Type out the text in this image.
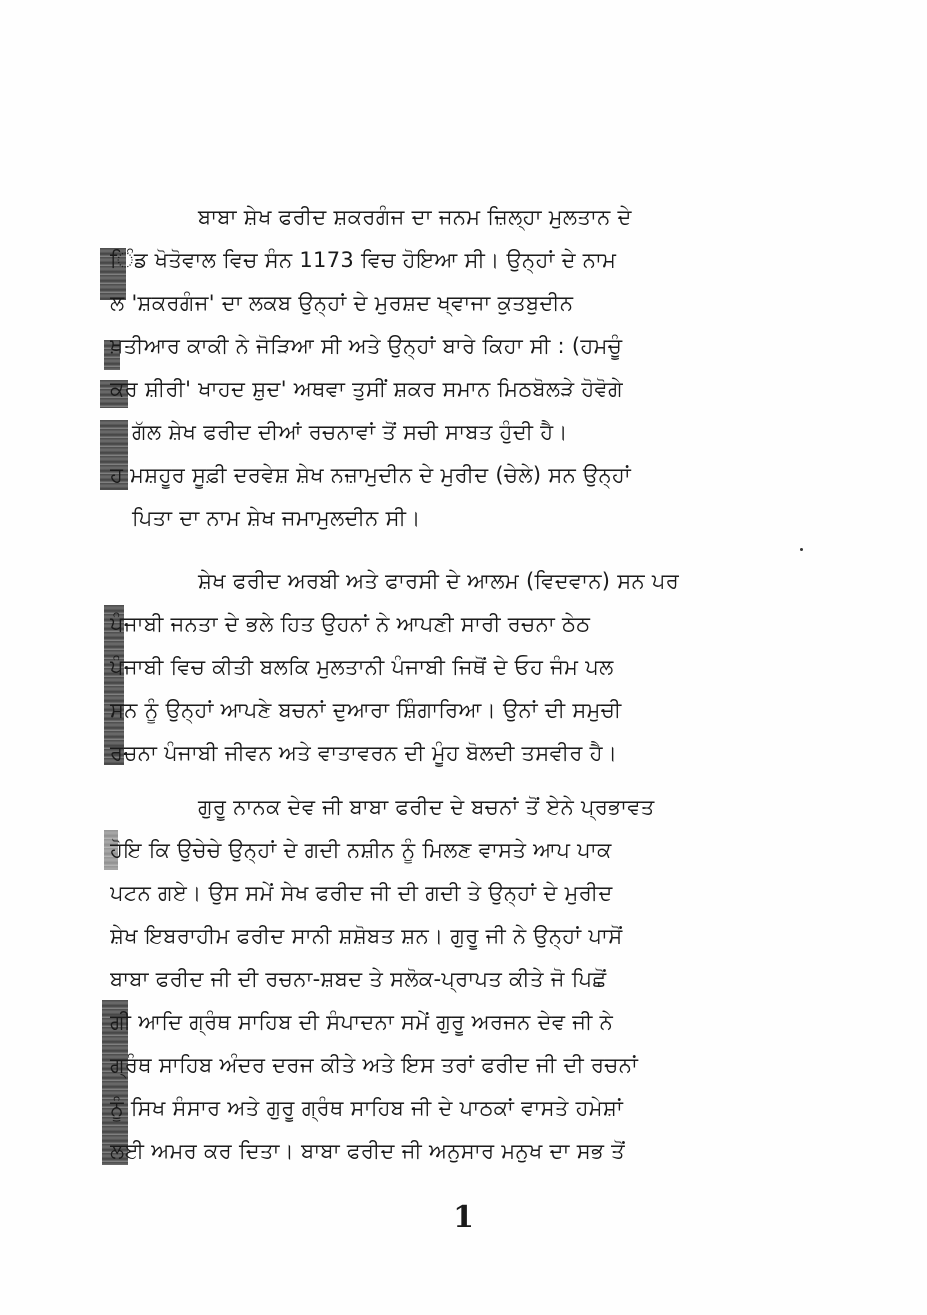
ਬਾਬਾ ਸ਼ੇਖ ਫਰੀਦ ਸ਼ਕਰਗੰਜ ਦਾ ਜਨਮ ਜ਼ਿਲ੍ਹਾ ਮੁਲਤਾਨ ਦੇ
ਿੰਡ ਖੋਤੋਵਾਲ ਵਿਚ ਸੰਨ 1173 ਵਿਚ ਹੋਇਆ ਸੀ। ਉਨ੍ਹਾਂ ਦੇ ਨਾਮ
ਲ 'ਸ਼ਕਰਗੰਜ' ਦਾ ਲਕਬ ਉਨ੍ਹਾਂ ਦੇ ਮੁਰਸ਼ਦ ਖ੍ਵਾਜਾ ਕੁਤਬੁਦੀਨ
ਖ਼ਤੀਆਰ ਕਾਕੀ ਨੇ ਜੋੜਿਆ ਸੀ ਅਤੇ ਉਨ੍ਹਾਂ ਬਾਰੇ ਕਿਹਾ ਸੀ : (ਹਮਚੂੰ
ਕਰ ਸ਼ੀਰੀ' ਖਾਹਦ ਸ਼ੁਦ' ਅਥਵਾ ਤੁਸੀਂ ਸ਼ਕਰ ਸਮਾਨ ਮਿਠਬੋਲੜੇ ਹੋਵੋਗੇ
ਗੱਲ ਸ਼ੇਖ ਫਰੀਦ ਦੀਆਂ ਰਚਨਾਵਾਂ ਤੋਂ ਸਚੀ ਸਾਬਤ ਹੁੰਦੀ ਹੈ।
ਹ ਮਸ਼ਹੂਰ ਸੂਫ਼ੀ ਦਰਵੇਸ਼ ਸ਼ੇਖ ਨਜ਼ਾਮੁਦੀਨ ਦੇ ਮੁਰੀਦ (ਚੇਲੇ) ਸਨ ਉਨ੍ਹਾਂ
ਪਿਤਾ ਦਾ ਨਾਮ ਸ਼ੇਖ ਜਮਾਮੁਲਦੀਨ ਸੀ।
ਸ਼ੇਖ ਫਰੀਦ ਅਰਬੀ ਅਤੇ ਫਾਰਸੀ ਦੇ ਆਲਮ (ਵਿਦਵਾਨ) ਸਨ ਪਰ
ਪੰਜਾਬੀ ਜਨਤਾ ਦੇ ਭਲੇ ਹਿਤ ਉਹਨਾਂ ਨੇ ਆਪਣੀ ਸਾਰੀ ਰਚਨਾ ਠੇਠ
ਪੰਜਾਬੀ ਵਿਚ ਕੀਤੀ ਬਲਕਿ ਮੁਲਤਾਨੀ ਪੰਜਾਬੀ ਜਿਥੋਂ ਦੇ ਓਹ ਜੰਮ ਪਲ
ਸਨ ਨੂੰ ਉਨ੍ਹਾਂ ਆਪਣੇ ਬਚਨਾਂ ਦੁਆਰਾ ਸ਼ਿੰਗਾਰਿਆ। ਉਨਾਂ ਦੀ ਸਮੁਚੀ
ਰਚਨਾ ਪੰਜਾਬੀ ਜੀਵਨ ਅਤੇ ਵਾਤਾਵਰਨ ਦੀ ਮੂੰਹ ਬੋਲਦੀ ਤਸਵੀਰ ਹੈ।
ਗੁਰੂ ਨਾਨਕ ਦੇਵ ਜੀ ਬਾਬਾ ਫਰੀਦ ਦੇ ਬਚਨਾਂ ਤੋਂ ਏਨੇ ਪ੍ਰਭਾਵਤ
ਹੋਇ ਕਿ ਉਚੇਚੇ ਉਨ੍ਹਾਂ ਦੇ ਗਦੀ ਨਸ਼ੀਨ ਨੂੰ ਮਿਲਣ ਵਾਸਤੇ ਆਪ ਪਾਕ
ਪਟਨ ਗਏ। ਉਸ ਸਮੇਂ ਸੇਖ ਫਰੀਦ ਜੀ ਦੀ ਗਦੀ ਤੇ ਉਨ੍ਹਾਂ ਦੇ ਮੁਰੀਦ
ਸ਼ੇਖ ਇਬਰਾਹੀਮ ਫਰੀਦ ਸਾਨੀ ਸ਼ਸ਼ੋਬਤ ਸ਼ਨ। ਗੁਰੂ ਜੀ ਨੇ ਉਨ੍ਹਾਂ ਪਾਸੋਂ
ਬਾਬਾ ਫਰੀਦ ਜੀ ਦੀ ਰਚਨਾ-ਸ਼ਬਦ ਤੇ ਸਲੋਕ-ਪ੍ਰਾਪਤ ਕੀਤੇ ਜੋ ਪਿਛੋਂ
ਗੀ ਆਦਿ ਗ੍ਰੰਥ ਸਾਹਿਬ ਦੀ ਸੰਪਾਦਨਾ ਸਮੇਂ ਗੁਰੂ ਅਰਜਨ ਦੇਵ ਜੀ ਨੇ
ਗ੍ਰੰਥ ਸਾਹਿਬ ਅੰਦਰ ਦਰਜ ਕੀਤੇ ਅਤੇ ਇਸ ਤਰਾਂ ਫਰੀਦ ਜੀ ਦੀ ਰਚਨਾਂ
ਨੂੰ ਸਿਖ ਸੰਸਾਰ ਅਤੇ ਗੁਰੂ ਗ੍ਰੰਥ ਸਾਹਿਬ ਜੀ ਦੇ ਪਾਠਕਾਂ ਵਾਸਤੇ ਹਮੇਸ਼ਾਂ
ਲਈ ਅਮਰ ਕਰ ਦਿਤਾ। ਬਾਬਾ ਫਰੀਦ ਜੀ ਅਨੁਸਾਰ ਮਨੁਖ ਦਾ ਸਭ ਤੋਂ
1
